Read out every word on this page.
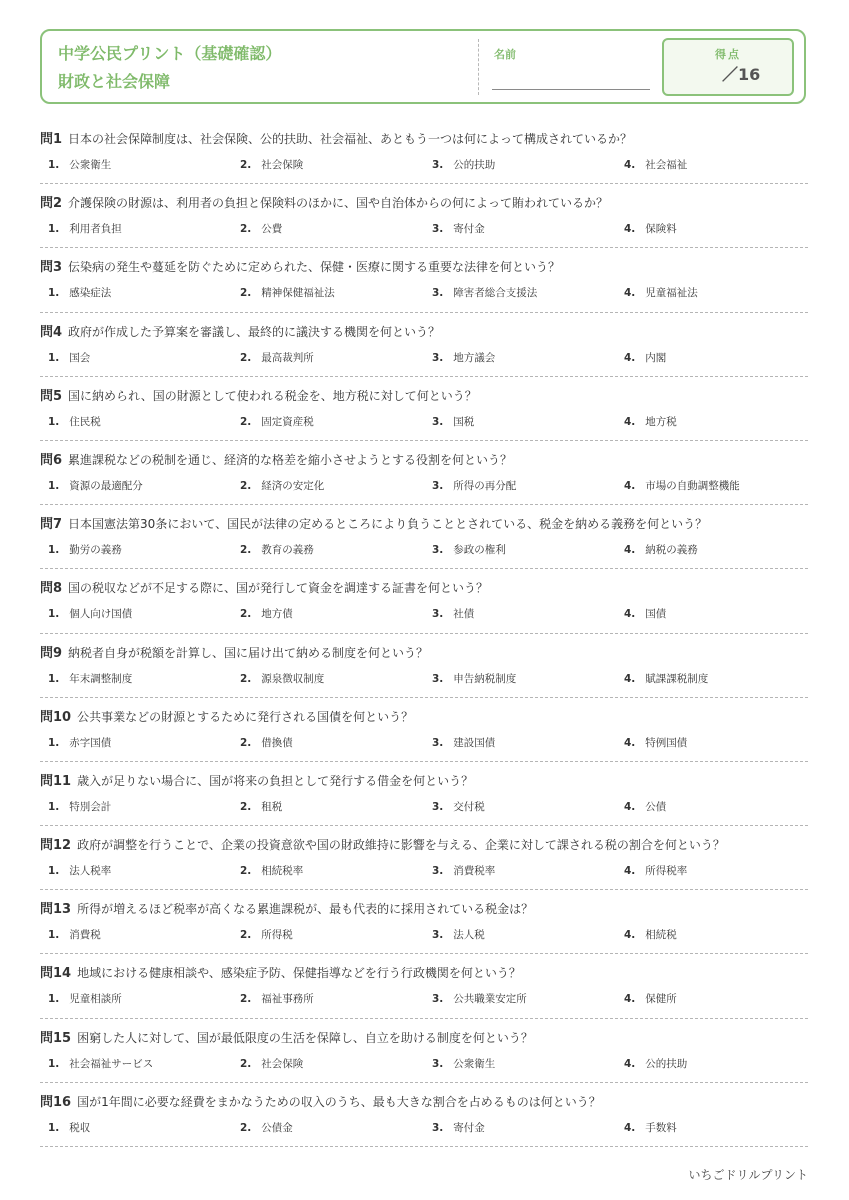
中学公民プリント（基礎確認）
財政と社会保障
名前	得点
／16
問1 日本の社会保障制度は、社会保険、公的扶助、社会福祉、あともう一つは何によって構成されているか？
1. 公衆衛生	2. 社会保険	3. 公的扶助	4. 社会福祉
問2 介護保険の財源は、利用者の負担と保険料のほかに、国や自治体からの何によって賄われているか？
1. 利用者負担	2. 公費	3. 寄付金	4. 保険料
問3 伝染病の発生や蔓延を防ぐために定められた、保健・医療に関する重要な法律を何という？
1. 感染症法	2. 精神保健福祉法	3. 障害者総合支援法	4. 児童福祉法
問4 政府が作成した予算案を審議し、最終的に議決する機関を何という？
1. 国会	2. 最高裁判所	3. 地方議会	4. 内閣
問5 国に納められ、国の財源として使われる税金を、地方税に対して何という？
1. 住民税	2. 固定資産税	3. 国税	4. 地方税
問6 累進課税などの税制を通じ、経済的な格差を縮小させようとする役割を何という？
1. 資源の最適配分	2. 経済の安定化	3. 所得の再分配	4. 市場の自動調整機能
問7 日本国憲法第30条において、国民が法律の定めるところにより負うこととされている、税金を納める義務を何という？
1. 勤労の義務	2. 教育の義務	3. 参政の権利	4. 納税の義務
問8 国の税収などが不足する際に、国が発行して資金を調達する証書を何という？
1. 個人向け国債	2. 地方債	3. 社債	4. 国債
問9 納税者自身が税額を計算し、国に届け出て納める制度を何という？
1. 年末調整制度	2. 源泉徴収制度	3. 申告納税制度	4. 賦課課税制度
問10 公共事業などの財源とするために発行される国債を何という？
1. 赤字国債	2. 借換債	3. 建設国債	4. 特例国債
問11 歳入が足りない場合に、国が将来の負担として発行する借金を何という？
1. 特別会計	2. 租税	3. 交付税	4. 公債
問12 政府が調整を行うことで、企業の投資意欲や国の財政維持に影響を与える、企業に対して課される税の割合を何という？
1. 法人税率	2. 相続税率	3. 消費税率	4. 所得税率
問13 所得が増えるほど税率が高くなる累進課税が、最も代表的に採用されている税金は？
1. 消費税	2. 所得税	3. 法人税	4. 相続税
問14 地域における健康相談や、感染症予防、保健指導などを行う行政機関を何という？
1. 児童相談所	2. 福祉事務所	3. 公共職業安定所	4. 保健所
問15 困窮した人に対して、国が最低限度の生活を保障し、自立を助ける制度を何という？
1. 社会福祉サービス	2. 社会保険	3. 公衆衛生	4. 公的扶助
問16 国が1年間に必要な経費をまかなうための収入のうち、最も大きな割合を占めるものは何という？
1. 税収	2. 公債金	3. 寄付金	4. 手数料
いちごドリルプリント
